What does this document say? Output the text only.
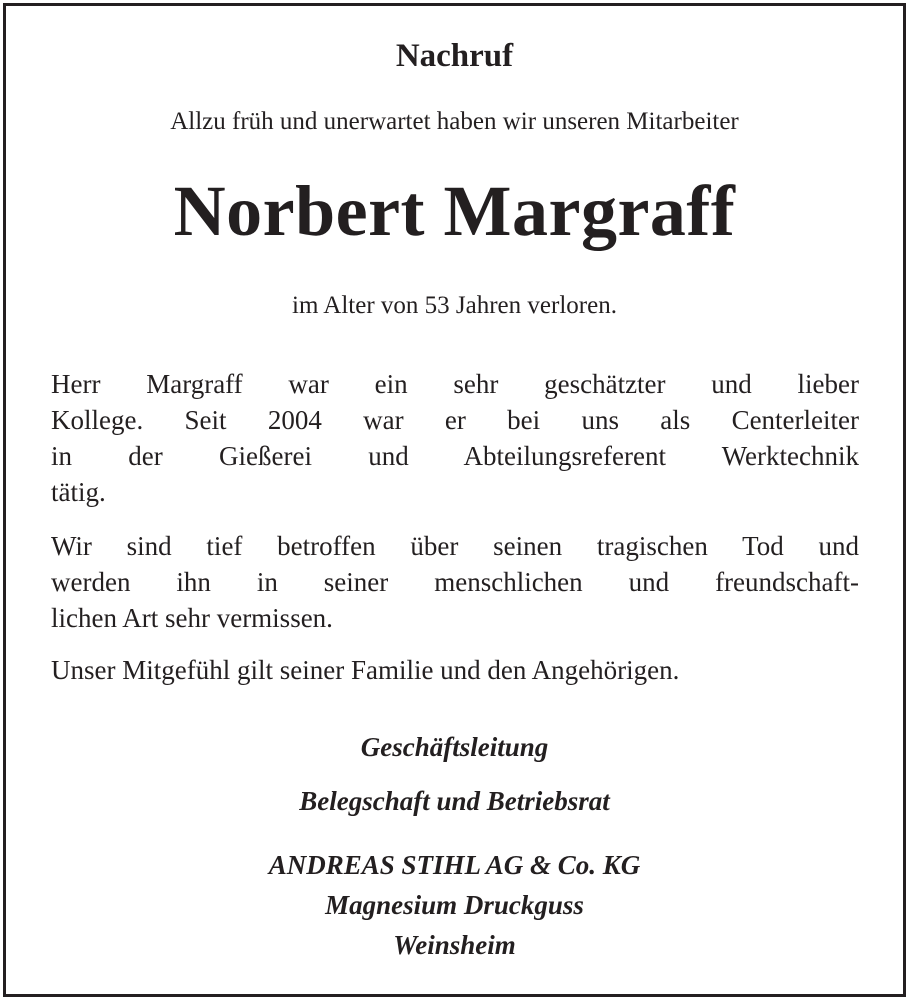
Nachruf
Allzu früh und unerwartet haben wir unseren Mitarbeiter
Norbert Margraff
im Alter von 53 Jahren verloren.
Herr Margraff war ein sehr geschätzter und lieber
Kollege. Seit 2004 war er bei uns als Centerleiter
in der Gießerei und Abteilungsreferent Werktechnik
tätig.
Wir sind tief betroffen über seinen tragischen Tod und
werden ihn in seiner menschlichen und freundschaft-
lichen Art sehr vermissen.
Unser Mitgefühl gilt seiner Familie und den Angehörigen.
Geschäftsleitung
Belegschaft und Betriebsrat
ANDREAS STIHL AG & Co. KG
Magnesium Druckguss
Weinsheim
